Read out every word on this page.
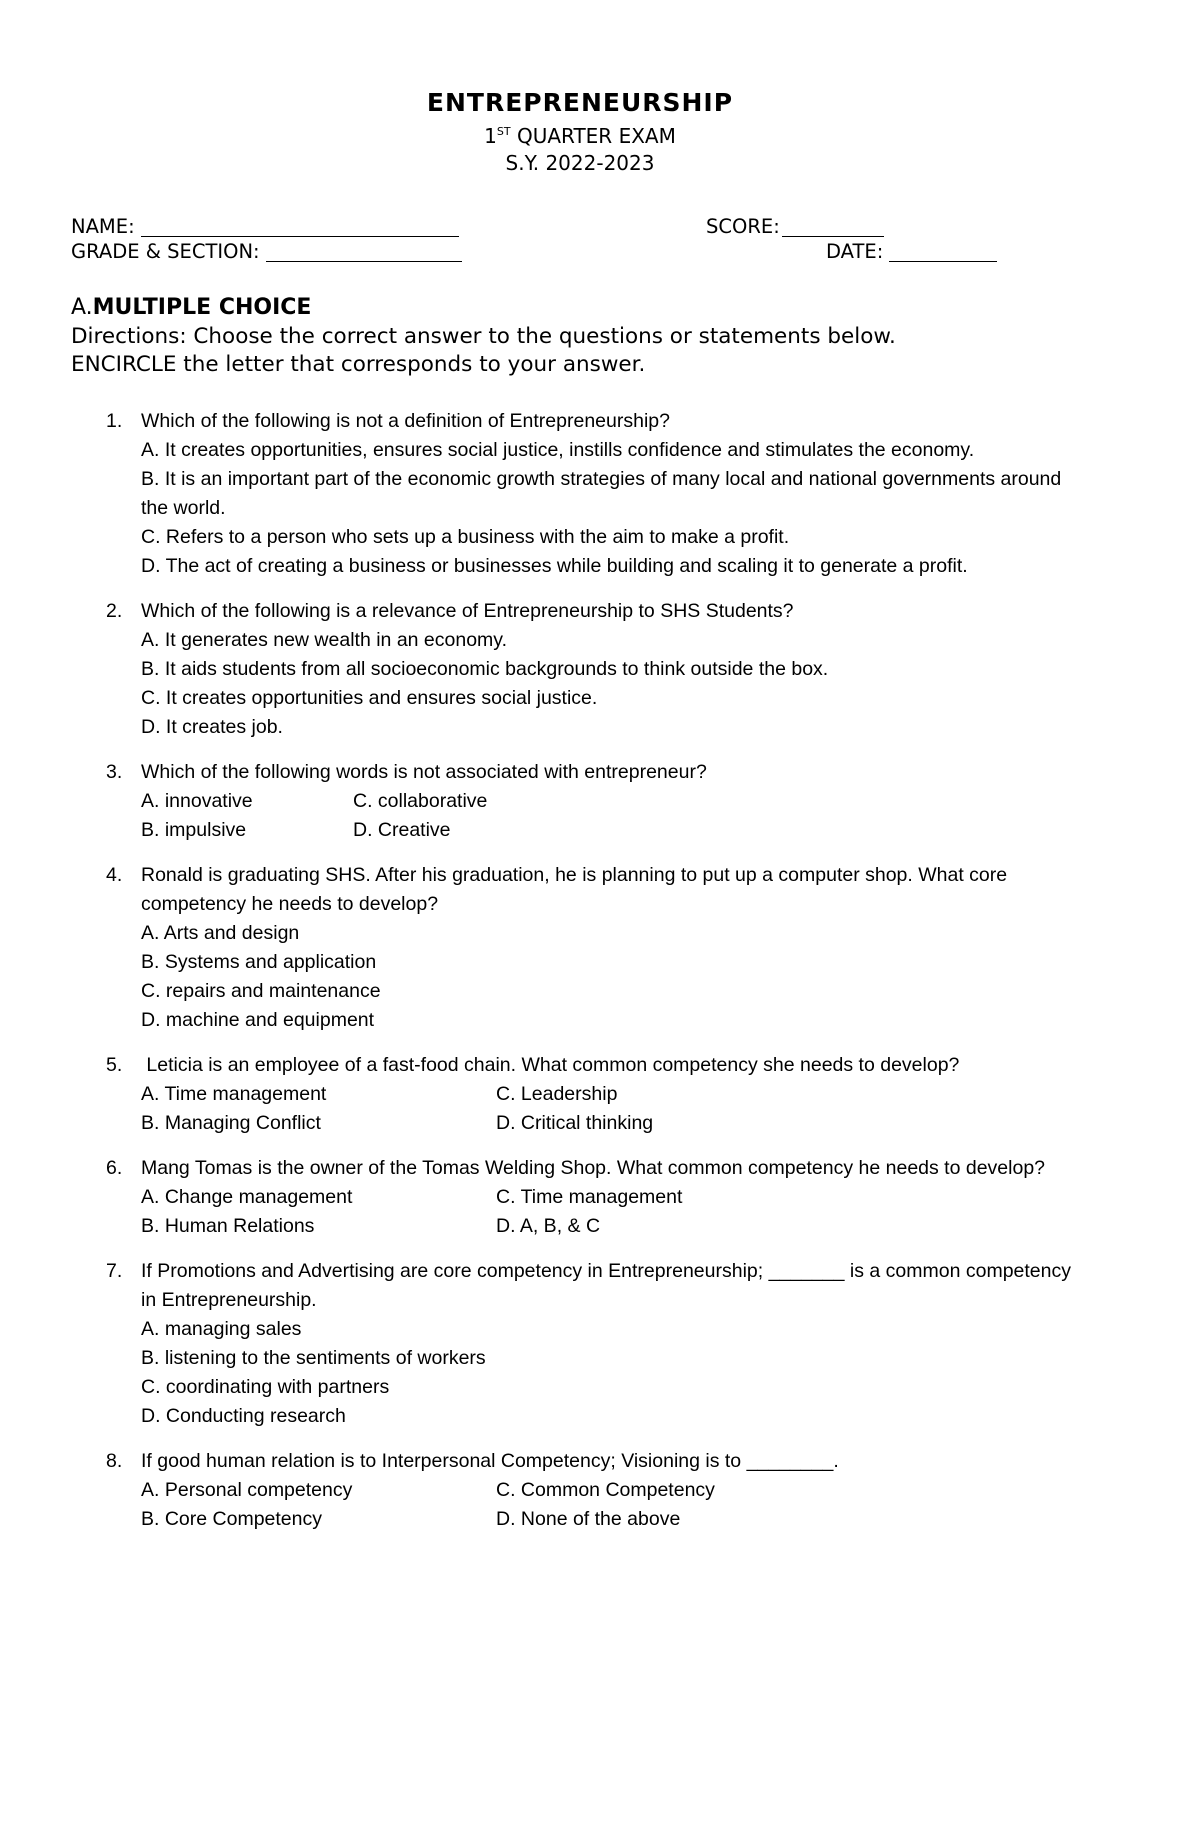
ENTREPRENEURSHIP
1ST QUARTER EXAM
S.Y. 2022-2023
NAME:	SCORE:
GRADE & SECTION:	DATE:
A.MULTIPLE CHOICE
Directions: Choose the correct answer to the questions or statements below.
ENCIRCLE the letter that corresponds to your answer.
1. Which of the following is not a definition of Entrepreneurship?
A. It creates opportunities, ensures social justice, instills confidence and stimulates the economy.
B. It is an important part of the economic growth strategies of many local and national governments around the world.
C. Refers to a person who sets up a business with the aim to make a profit.
D. The act of creating a business or businesses while building and scaling it to generate a profit.
2. Which of the following is a relevance of Entrepreneurship to SHS Students?
A. It generates new wealth in an economy.
B. It aids students from all socioeconomic backgrounds to think outside the box.
C. It creates opportunities and ensures social justice.
D. It creates job.
3. Which of the following words is not associated with entrepreneur?
A. innovative	C. collaborative
B. impulsive	D. Creative
4. Ronald is graduating SHS. After his graduation, he is planning to put up a computer shop. What core competency he needs to develop?
A. Arts and design
B. Systems and application
C. repairs and maintenance
D. machine and equipment
5. Leticia is an employee of a fast-food chain. What common competency she needs to develop?
A. Time management	C. Leadership
B. Managing Conflict	D. Critical thinking
6. Mang Tomas is the owner of the Tomas Welding Shop. What common competency he needs to develop?
A. Change management	C. Time management
B. Human Relations	D. A, B, & C
7. If Promotions and Advertising are core competency in Entrepreneurship; _______ is a common competency in Entrepreneurship.
A. managing sales
B. listening to the sentiments of workers
C. coordinating with partners
D. Conducting research
8. If good human relation is to Interpersonal Competency; Visioning is to ________.
A. Personal competency	C. Common Competency
B. Core Competency	D. None of the above
